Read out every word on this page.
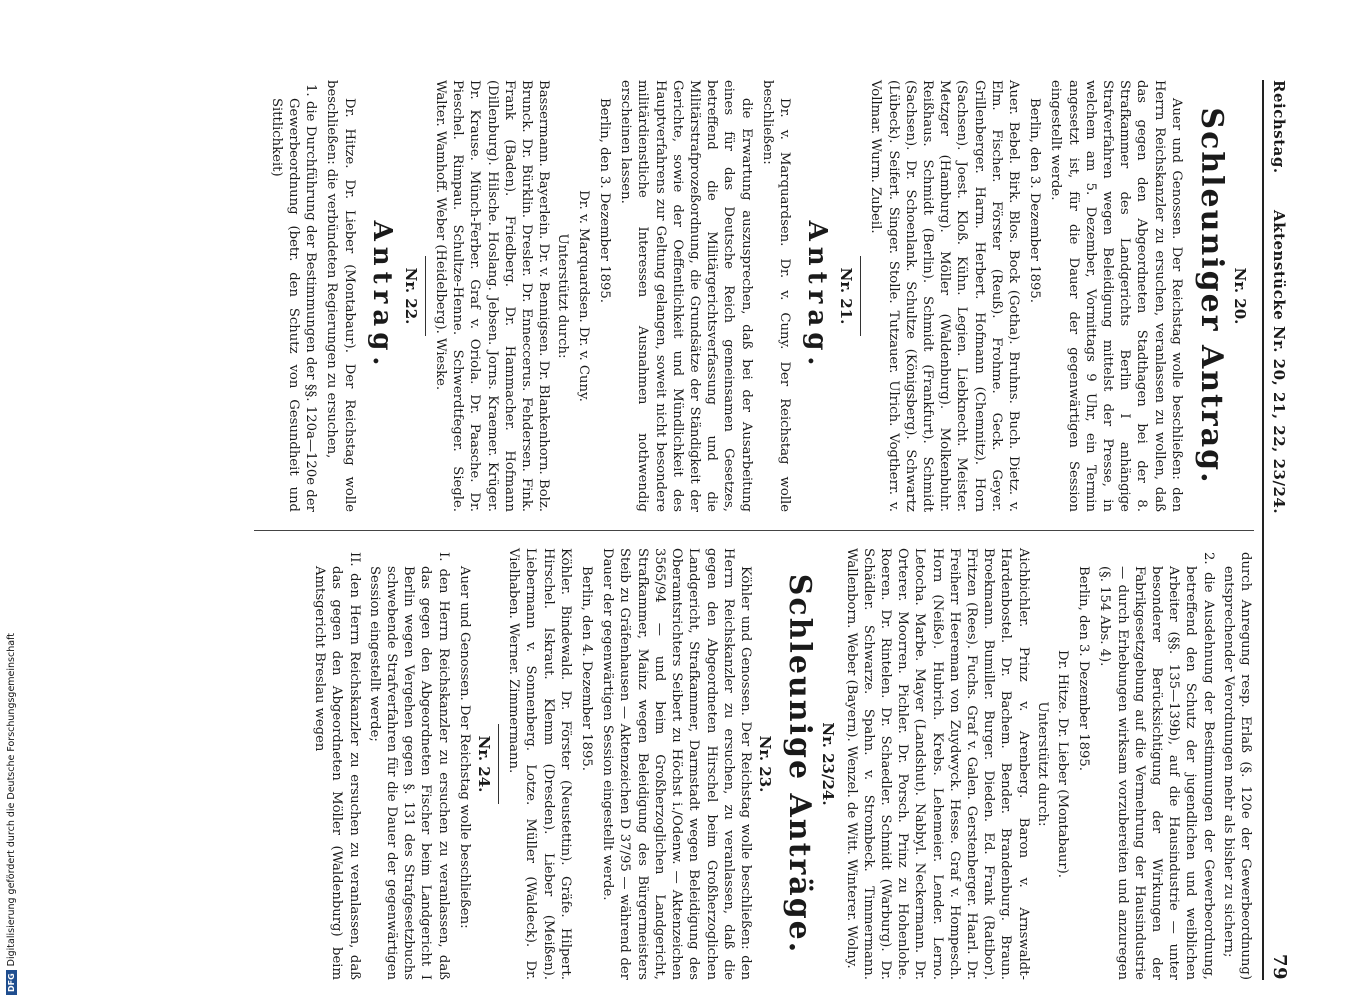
Reichstag.
Aktenstücke Nr. 20, 21, 22, 23/24.
79
Nr. 20.
Schleuniger Antrag.

Auer und Genossen. Der Reichstag wolle beschließen: den Herrn Reichskanzler zu ersuchen, veranlassen zu wollen, daß das gegen den Abgeordneten Stadthagen bei der 8. Strafkammer des Landgerichts Berlin I anhängige Strafverfahren wegen Beleidigung mittelst der Presse, in welchem am 5. Dezember, Vormittags 9 Uhr, ein Termin angesetzt ist, für die Dauer der gegenwärtigen Session eingestellt werde.

Berlin, den 3. Dezember 1895.

Auer. Bebel. Birk. Blos. Bock (Gotha). Bruhns. Buch. Dietz. v. Elm. Fischer. Förster (Reuß). Frohme. Geck. Geyer. Grillenberger. Harm. Herbert. Hofmann (Chemnitz). Horn (Sachsen). Joest. Kloß. Kühn. Legien. Liebknecht. Meister. Metzger (Hamburg). Möller (Waldenburg). Molkenbuhr. Reißhaus. Schmidt (Berlin). Schmidt (Frankfurt). Schmidt (Sachsen). Dr. Schoenlank. Schultze (Königsberg). Schwartz (Lübeck). Seifert. Singer. Stolle. Tutzauer. Ulrich. Vogtherr. v. Vollmar. Wurm. Zubeil.

Nr. 21.
Antrag.

Dr. v. Marquardsen. Dr. v. Cuny. Der Reichstag wolle beschließen:

die Erwartung auszusprechen, daß bei der Ausarbeitung eines für das Deutsche Reich gemeinsamen Gesetzes, betreffend die Militärgerichtsverfassung und die Militärstrafprozeßordnung, die Grundsätze der Ständigkeit der Gerichte, sowie der Oeffentlichkeit und Mündlichkeit des Hauptverfahrens zur Geltung gelangen, soweit nicht besondere militärdienstliche Interessen Ausnahmen nothwendig erscheinen lassen.

Berlin, den 3. Dezember 1895.

Dr. v. Marquardsen. Dr. v. Cuny.

Unterstützt durch:

Bassermann. Bayerlein. Dr. v. Bennigsen. Dr. Blankenhorn. Bolz. Brunck. Dr. Bürklin. Dresler. Dr. Enneccerus. Fehdersen. Fink. Frank (Baden). Friedberg. Dr. Hammacher. Hofmann (Dillenburg). Hilsche. Hoslang. Jebsen. Jorns. Kraemer. Krüger. Dr. Krause. Münch-Ferber. Graf v. Oriola. Dr. Paasche. Dr. Pieschel. Rimpau. Schultze-Henne. Schwerdtfeger. Siegle. Walter. Wamhoff. Weber (Heidelberg). Wieske.

Nr. 22.
Antrag.

Dr. Hitze. Dr. Lieber (Montabaur). Der Reichstag wolle beschließen: die verbündeten Regierungen zu ersuchen,

1. die Durchführung der Bestimmungen der §§. 120a—120e der Gewerbeordnung (betr. den Schutz von Gesundheit und Sittlichkeit)

durch Anregung resp. Erlaß (§. 120e der Gewerbeordnung) entsprechender Verordnungen mehr als bisher zu sichern;

2. die Ausdehnung der Bestimmungen der Gewerbeordnung, betreffend den Schutz der jugendlichen und weiblichen Arbeiter (§§. 135—139b), auf die Hausindustrie — unter besonderer Berücksichtigung der Wirkungen der Fabrikgesetzgebung auf die Vermehrung der Hausindustrie — durch Erhebungen wirksam vorzubereiten und anzuregen (§. 154 Abs. 4).

Berlin, den 3. Dezember 1895.

Dr. Hitze. Dr. Lieber (Montabaur).

Unterstützt durch:

Aichbichler. Prinz v. Arenberg. Baron v. Arnswaldt-Hardenbostel. Dr. Bachem. Bender. Brandenburg. Braun. Broekmann. Bumiller. Burger. Dieden. Ed. Frank (Ratibor). Fritzen (Rees). Fuchs. Graf v. Galen. Gerstenberger. Haarl. Dr. Freiherr Heereman von Zuydwyck. Hesse. Graf v. Hompesch. Horn (Neiße). Hubrich. Krebs. Lehemeier. Lender. Lerno. Letocha. Marbe. Mayer (Landshut). Nabbyl. Neckermann. Dr. Orterer. Moorren. Pichler. Dr. Porsch. Prinz zu Hohenlohe. Roeren. Dr. Rintelen. Dr. Schaedler. Schmidt (Warburg). Dr. Schädler. Schwarze. Spahn. v. Strombeck. Timmermann. Wallenborn. Weber (Bayern). Wenzel. de Witt. Winterer. Wolny.

Nr. 23/24.
Schleunige Anträge.
Nr. 23.

Köhler und Genossen. Der Reichstag wolle beschließen: den Herrn Reichskanzler zu ersuchen, zu veranlassen, daß die gegen den Abgeordneten Hirschel beim Großherzoglichen Landgericht, Strafkammer, Darmstadt wegen Beleidigung des Oberamtsrichters Seibert zu Höchst i./Odenw. — Aktenzeichen 3565/94 — und beim Großherzoglichen Landgericht, Strafkammer, Mainz wegen Beleidigung des Bürgermeisters Steib zu Gräfenhausen — Aktenzeichen D 37/95 — während der Dauer der gegenwärtigen Session eingestellt werde.

Berlin, den 4. Dezember 1895.

Köhler. Bindewald. Dr. Förster (Neustettin). Gräfe. Hilpert. Hirschel. Iskraut. Klemm (Dresden). Lieber (Meißen). Liebermann v. Sonnenberg. Lotze. Müller (Waldeck). Dr. Vielhaben. Werner. Zimmermann.

Nr. 24.

Auer und Genossen. Der Reichstag wolle beschließen:

I. den Herrn Reichskanzler zu ersuchen zu veranlassen, daß das gegen den Abgeordneten Fischer beim Landgericht I Berlin wegen Vergehen gegen §. 131 des Strafgesetzbuchs schwebende Strafverfahren für die Dauer der gegenwärtigen Session eingestellt werde;

II. den Herrn Reichskanzler zu ersuchen zu veranlassen, daß das gegen den Abgeordneten Möller (Waldenburg) beim Amtsgericht Breslau wegen

DFGDigitalisierung gefördert durch die Deutsche Forschungsgemeinschaft
